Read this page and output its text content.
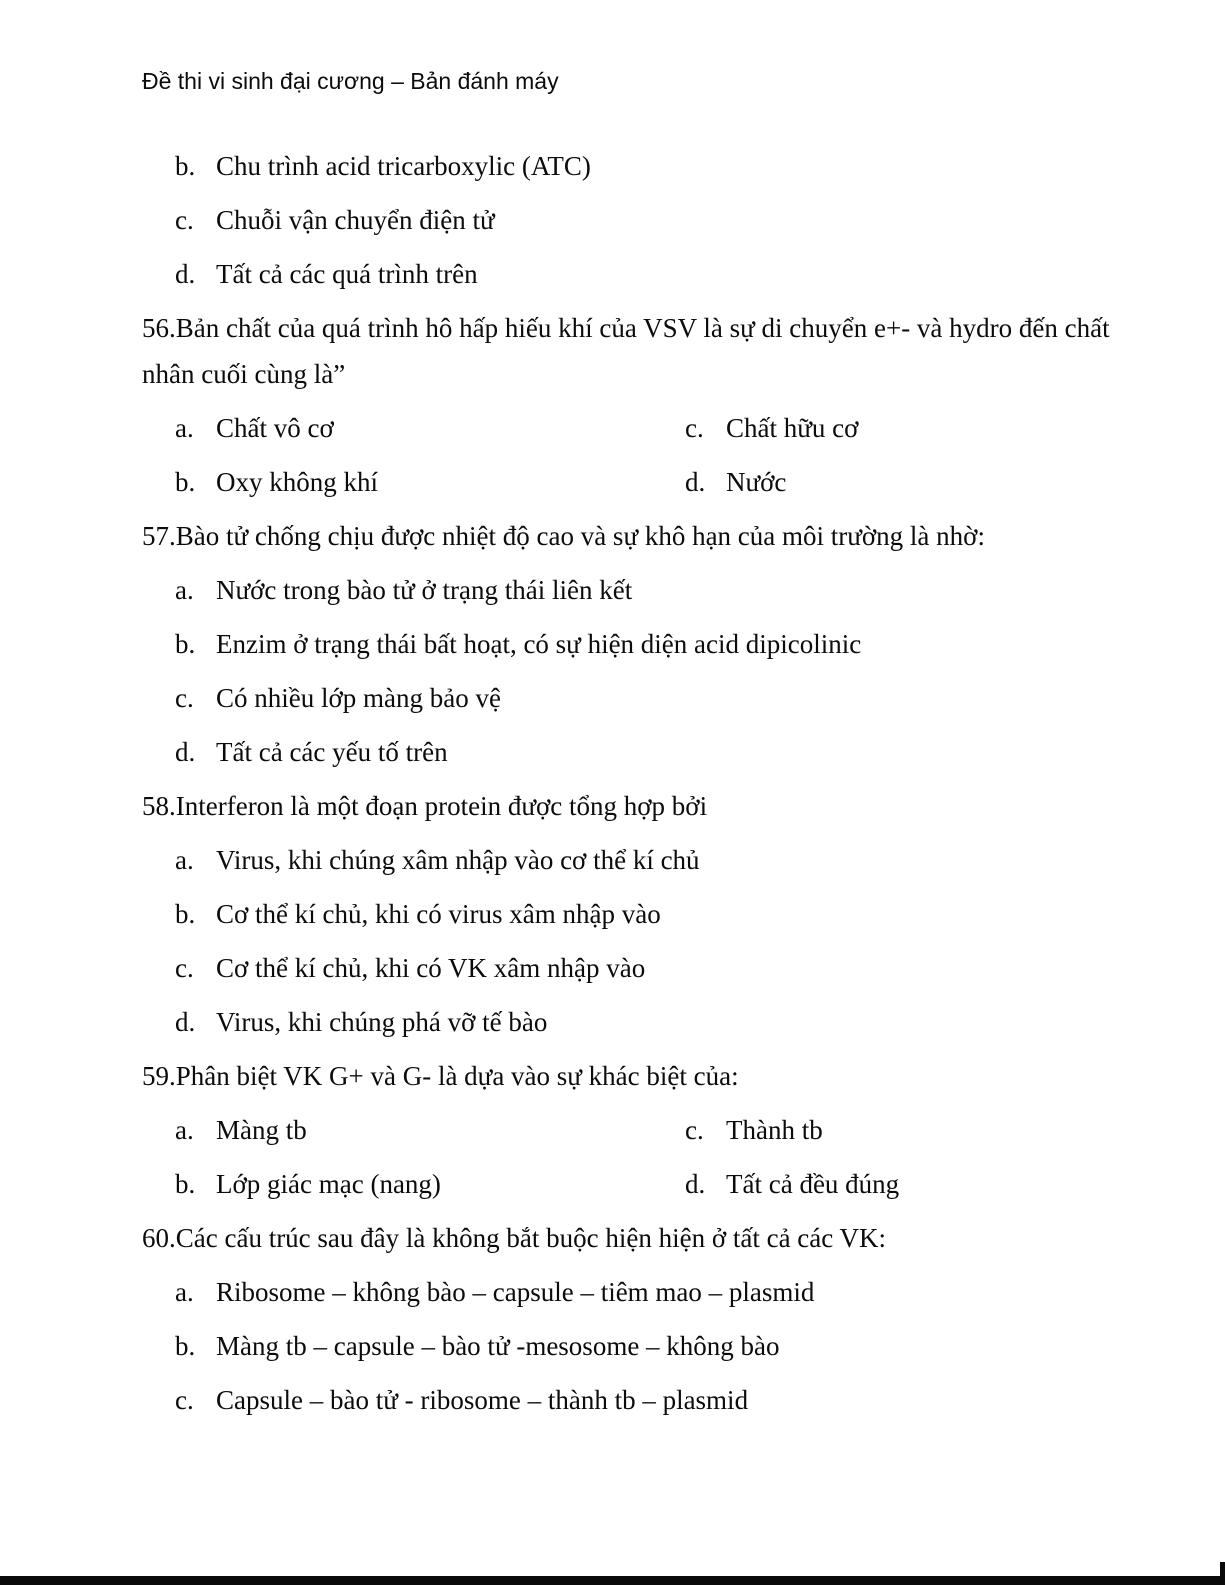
Đề thi vi sinh đại cương – Bản đánh máy

b. Chu trình acid tricarboxylic (ATC)
c. Chuỗi vận chuyển điện tử
d. Tất cả các quá trình trên

56.Bản chất của quá trình hô hấp hiếu khí của VSV là sự di chuyển e+- và hydro đến chất nhân cuối cùng là”

a. Chất vô cơ
b. Oxy không khí
c. Chất hữu cơ
d. Nước

57.Bào tử chống chịu được nhiệt độ cao và sự khô hạn của môi trường là nhờ:

a. Nước trong bào tử ở trạng thái liên kết
b. Enzim ở trạng thái bất hoạt, có sự hiện diện acid dipicolinic
c. Có nhiều lớp màng bảo vệ
d. Tất cả các yếu tố trên

58.Interferon là một đoạn protein được tổng hợp bởi

a. Virus, khi chúng xâm nhập vào cơ thể kí chủ
b. Cơ thể kí chủ, khi có virus xâm nhập vào
c. Cơ thể kí chủ, khi có VK xâm nhập vào
d. Virus, khi chúng phá vỡ tế bào

59.Phân biệt VK G+ và G- là dựa vào sự khác biệt của:

a. Màng tb
b. Lớp giác mạc (nang)
c. Thành tb
d. Tất cả đều đúng

60.Các cấu trúc sau đây là không bắt buộc hiện hiện ở tất cả các VK:

a. Ribosome – không bào – capsule – tiêm mao – plasmid
b. Màng tb – capsule – bào tử -mesosome – không bào
c. Capsule – bào tử - ribosome – thành tb – plasmid
